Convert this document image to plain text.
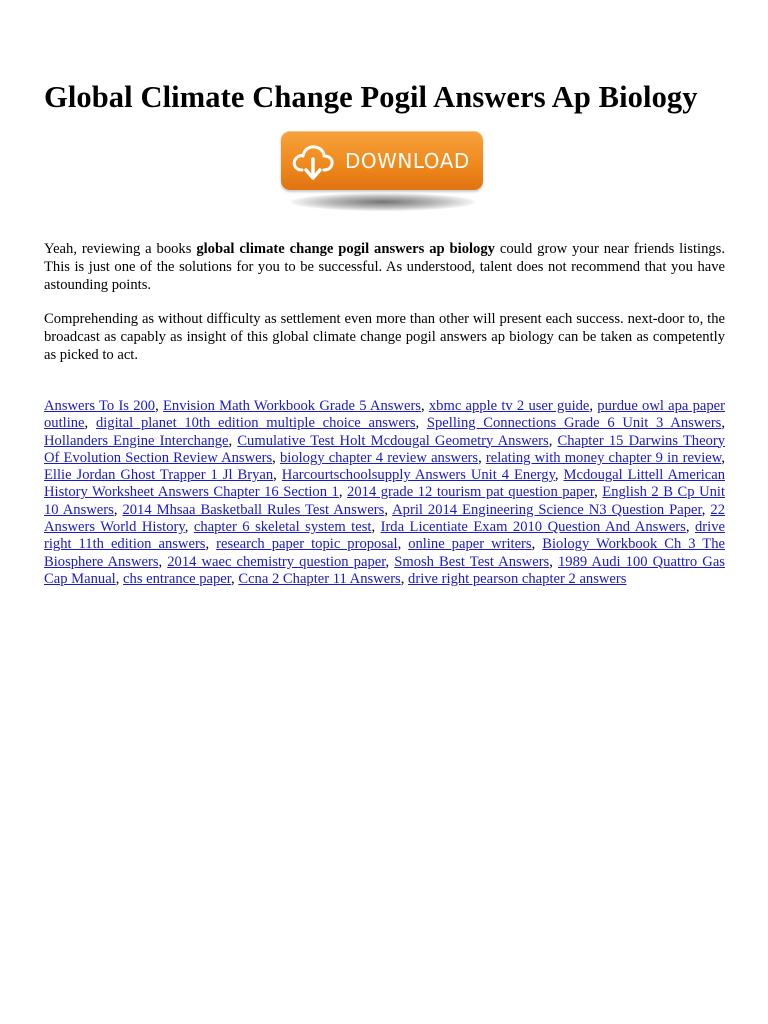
Global Climate Change Pogil Answers Ap Biology
DOWNLOAD

Yeah, reviewing a books global climate change pogil answers ap biology could grow your near friends listings. This is just one of the solutions for you to be successful. As understood, talent does not recommend that you have astounding points.

Comprehending as without difficulty as settlement even more than other will present each success. next-door to, the broadcast as capably as insight of this global climate change pogil answers ap biology can be taken as competently as picked to act.

Answers To Is 200, Envision Math Workbook Grade 5 Answers, xbmc apple tv 2 user guide, purdue owl apa paper outline, digital planet 10th edition multiple choice answers, Spelling Connections Grade 6 Unit 3 Answers, Hollanders Engine Interchange, Cumulative Test Holt Mcdougal Geometry Answers, Chapter 15 Darwins Theory Of Evolution Section Review Answers, biology chapter 4 review answers, relating with money chapter 9 in review, Ellie Jordan Ghost Trapper 1 Jl Bryan, Harcourtschoolsupply Answers Unit 4 Energy, Mcdougal Littell American History Worksheet Answers Chapter 16 Section 1, 2014 grade 12 tourism pat question paper, English 2 B Cp Unit 10 Answers, 2014 Mhsaa Basketball Rules Test Answers, April 2014 Engineering Science N3 Question Paper, 22 Answers World History, chapter 6 skeletal system test, Irda Licentiate Exam 2010 Question And Answers, drive right 11th edition answers, research paper topic proposal, online paper writers, Biology Workbook Ch 3 The Biosphere Answers, 2014 waec chemistry question paper, Smosh Best Test Answers, 1989 Audi 100 Quattro Gas Cap Manual, chs entrance paper, Ccna 2 Chapter 11 Answers, drive right pearson chapter 2 answers
